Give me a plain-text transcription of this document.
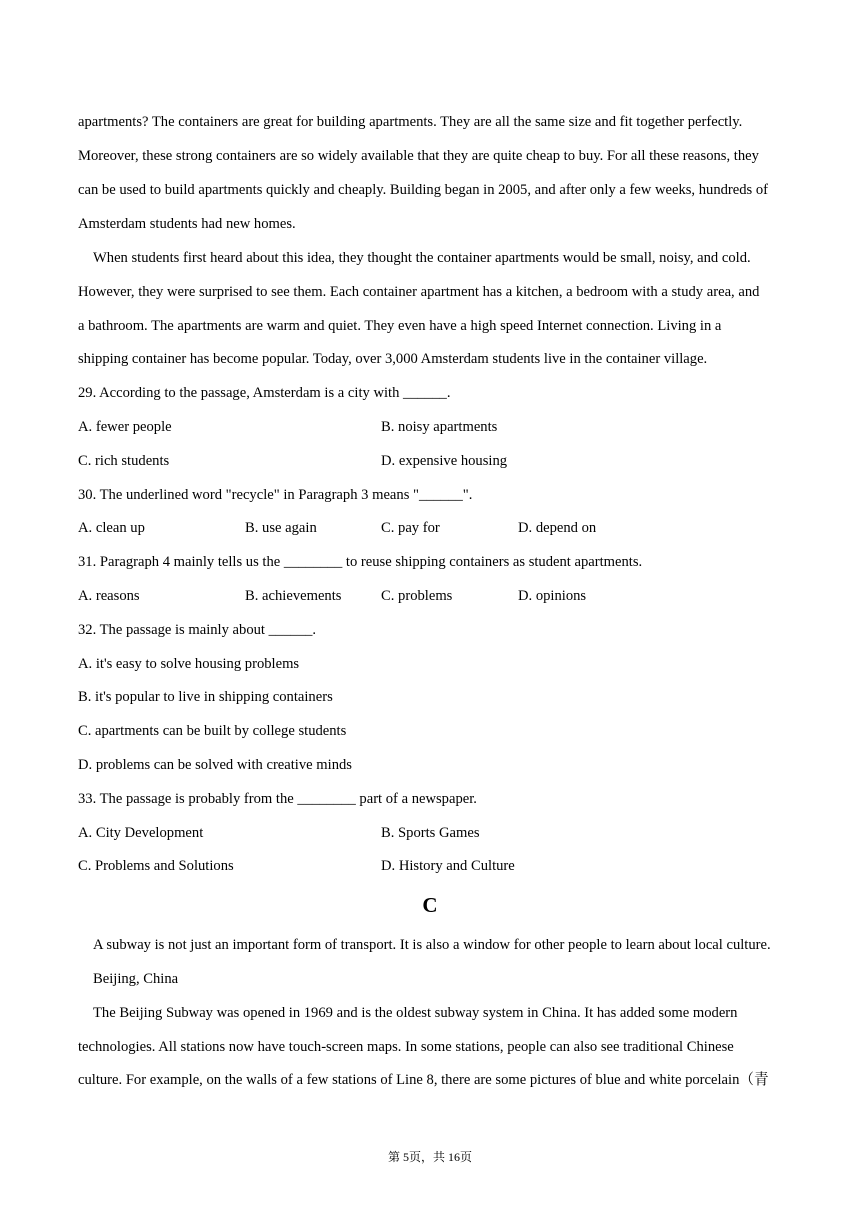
apartments? The containers are great for building apartments. They are all the same size and fit together perfectly.
Moreover, these strong containers are so widely available that they are quite cheap to buy. For all these reasons, they
can be used to build apartments quickly and cheaply. Building began in 2005, and after only a few weeks, hundreds of
Amsterdam students had new homes.
When students first heard about this idea, they thought the container apartments would be small, noisy, and cold.
However, they were surprised to see them. Each container apartment has a kitchen, a bedroom with a study area, and
a bathroom. The apartments are warm and quiet. They even have a high speed Internet connection. Living in a
shipping container has become popular. Today, over 3,000 Amsterdam students live in the container village.
29. According to the passage, Amsterdam is a city with ______.
A. fewer people	B. noisy apartments
C. rich students	D. expensive housing
30. The underlined word "recycle" in Paragraph 3 means "______".
A. clean up	B. use again	C. pay for	D. depend on
31. Paragraph 4 mainly tells us the ________ to reuse shipping containers as student apartments.
A. reasons	B. achievements	C. problems	D. opinions
32. The passage is mainly about ______.
A. it's easy to solve housing problems
B. it's popular to live in shipping containers
C. apartments can be built by college students
D. problems can be solved with creative minds
33. The passage is probably from the ________ part of a newspaper.
A. City Development	B. Sports Games
C. Problems and Solutions	D. History and Culture
C
A subway is not just an important form of transport. It is also a window for other people to learn about local culture.
Beijing, China
The Beijing Subway was opened in 1969 and is the oldest subway system in China. It has added some modern
technologies. All stations now have touch-screen maps. In some stations, people can also see traditional Chinese
culture. For example, on the walls of a few stations of Line 8, there are some pictures of blue and white porcelain（青
第 5页，共 16页
